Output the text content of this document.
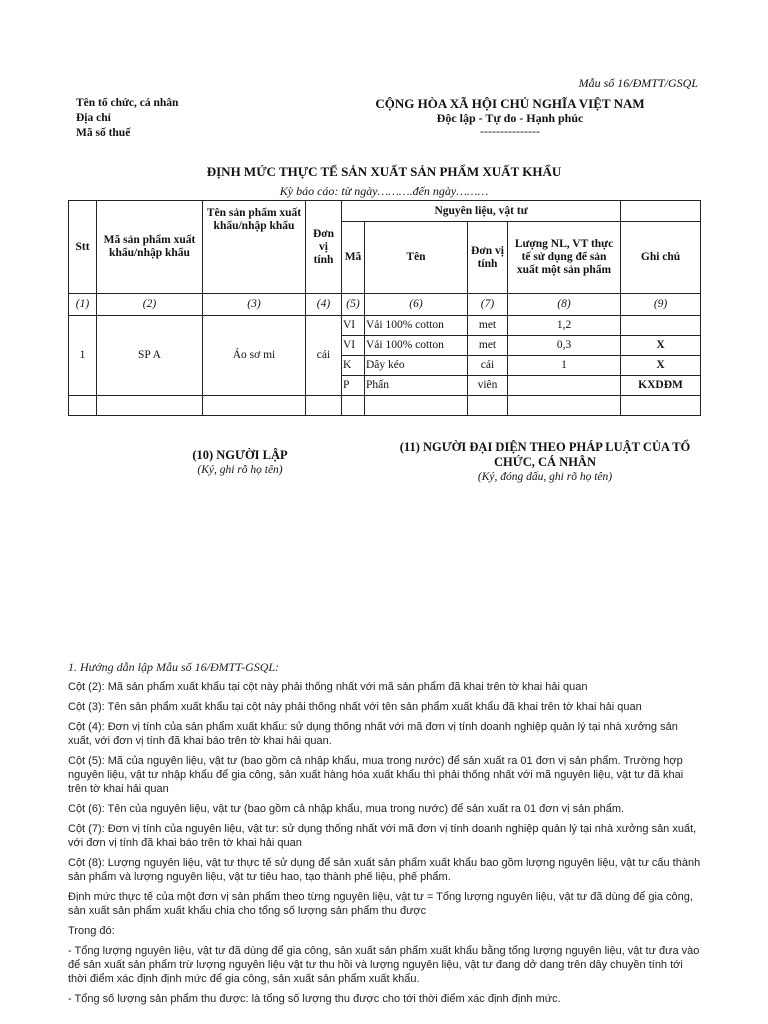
Mẫu số 16/ĐMTT/GSQL
Tên tổ chức, cá nhân
Địa chỉ
Mã số thuế
CỘNG HÒA XÃ HỘI CHỦ NGHĨA VIỆT NAM
Độc lập - Tự do - Hạnh phúc
---------------
ĐỊNH MỨC THỰC TẾ SẢN XUẤT SẢN PHẨM XUẤT KHẨU
Kỳ báo cáo: từ ngày……….đến ngày………
Stt	Mã sản phẩm xuất khẩu/nhập khẩu	Tên sản phẩm xuất khẩu/nhập khẩu	Đơn vị tính	Nguyên liệu, vật tư				
				Mã	Tên	Đơn vị tính	Lượng NL, VT thực tế sử dụng để sản xuất một sản phẩm	Ghi chú
(1)	(2)	(3)	(4)	(5)	(6)	(7)	(8)	(9)
1	SP A	Áo sơ mi	cái	VI	Vải 100% cotton	met	1,2	
				VI	Vải 100% cotton	met	0,3	X
				K	Dây kéo	cái	1	X
				P	Phấn	viên		KXDĐM

(10) NGƯỜI LẬP
(Ký, ghi rõ họ tên)
(11) NGƯỜI ĐẠI DIỆN THEO PHÁP LUẬT CỦA TỔ CHỨC, CÁ NHÂN
(Ký, đóng dấu, ghi rõ họ tên)

1. Hướng dẫn lập Mẫu số 16/ĐMTT-GSQL:

Cột (2): Mã sản phẩm xuất khẩu tại cột này phải thống nhất với mã sản phẩm đã khai trên tờ khai hải quan

Cột (3): Tên sản phẩm xuất khẩu tại cột này phải thống nhất với tên sản phẩm xuất khẩu đã khai trên tờ khai hải quan

Cột (4): Đơn vị tính của sản phẩm xuất khẩu: sử dụng thống nhất với mã đơn vị tính doanh nghiệp quản lý tại nhà xưởng sản xuất, với đơn vị tính đã khai báo trên tờ khai hải quan.

Cột (5): Mã của nguyên liệu, vật tư (bao gồm cả nhập khẩu, mua trong nước) để sản xuất ra 01 đơn vị sản phẩm. Trường hợp nguyên liệu, vật tư nhập khẩu để gia công, sản xuất hàng hóa xuất khẩu thì phải thống nhất với mã nguyên liệu, vật tư đã khai trên tờ khai hải quan

Cột (6): Tên của nguyên liệu, vật tư (bao gồm cả nhập khẩu, mua trong nước) để sản xuất ra 01 đơn vị sản phẩm.

Cột (7): Đơn vị tính của nguyên liệu, vật tư: sử dụng thống nhất với mã đơn vị tính doanh nghiệp quản lý tại nhà xưởng sản xuất, với đơn vị tính đã khai báo trên tờ khai hải quan

Cột (8): Lượng nguyên liệu, vật tư thực tế sử dụng để sản xuất sản phẩm xuất khẩu bao gồm lượng nguyên liệu, vật tư cấu thành sản phẩm và lượng nguyên liệu, vật tư tiêu hao, tạo thành phế liệu, phế phẩm.

Định mức thực tế của một đơn vị sản phẩm theo từng nguyên liệu, vật tư = Tổng lượng nguyên liệu, vật tư đã dùng để gia công, sản xuất sản phẩm xuất khẩu chia cho tổng số lượng sản phẩm thu được

Trong đó:

- Tổng lượng nguyên liệu, vật tư đã dùng để gia công, sản xuất sản phẩm xuất khẩu bằng tổng lượng nguyên liệu, vật tư đưa vào để sản xuất sản phẩm trừ lượng nguyên liệu vật tư thu hồi và lượng nguyên liệu, vật tư đang dở dang trên dây chuyền tính tới thời điểm xác định định mức để gia công, sản xuất sản phẩm xuất khẩu.

- Tổng số lượng sản phẩm thu được: là tổng số lượng thu được cho tới thời điểm xác định định mức.
